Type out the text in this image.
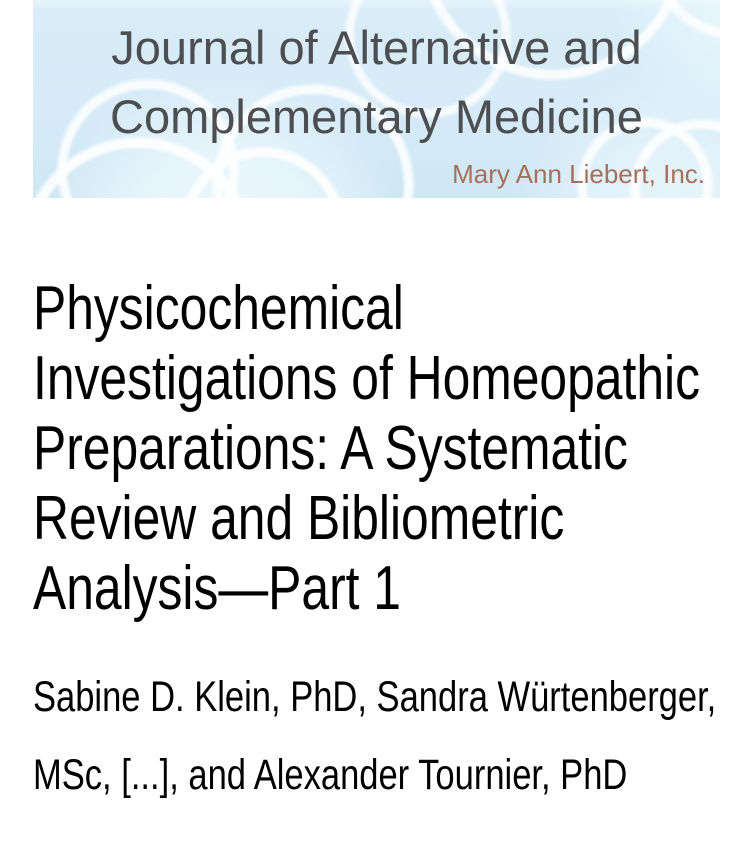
Journal of Alternative and
Complementary Medicine
Mary Ann Liebert, Inc.
Physicochemical
Investigations of Homeopathic
Preparations: A Systematic
Review and Bibliometric
Analysis—Part 1
Sabine D. Klein, PhD, Sandra Würtenberger,
MSc, [...], and Alexander Tournier, PhD
